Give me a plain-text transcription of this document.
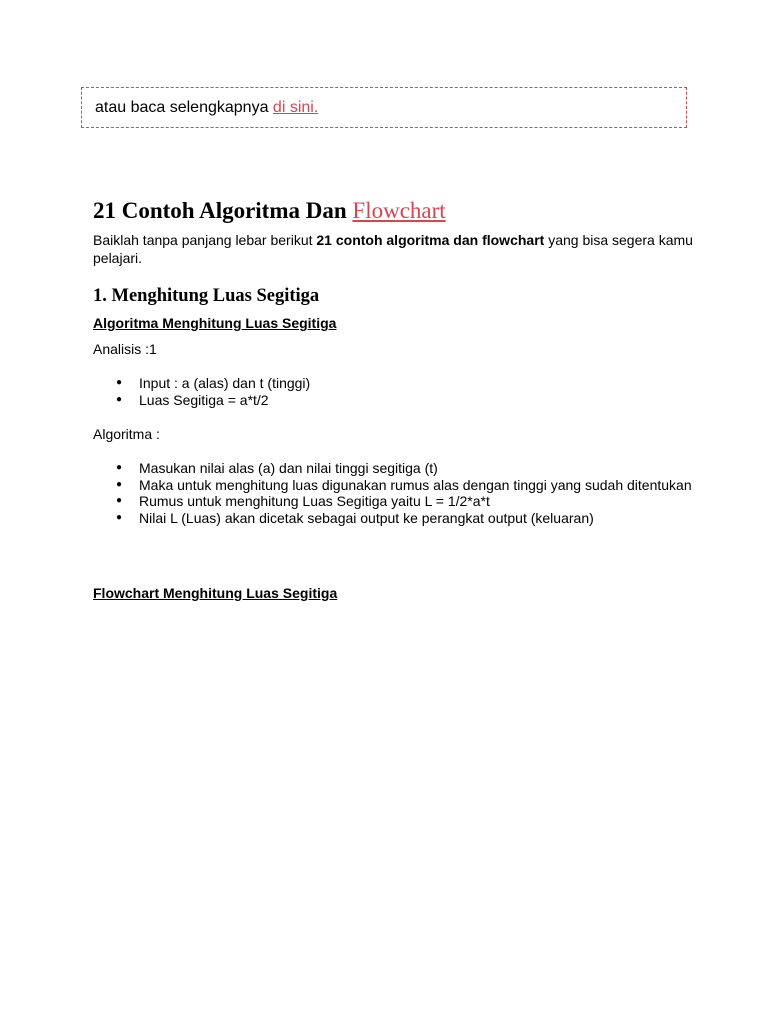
atau baca selengkapnya di sini.
21 Contoh Algoritma Dan Flowchart

Baiklah tanpa panjang lebar berikut 21 contoh algoritma dan flowchart yang bisa segera kamu pelajari.

1. Menghitung Luas Segitiga

Algoritma Menghitung Luas Segitiga

Analisis :1

● Input : a (alas) dan t (tinggi)
● Luas Segitiga = a*t/2

Algoritma :

● Masukan nilai alas (a) dan nilai tinggi segitiga (t)
● Maka untuk menghitung luas digunakan rumus alas dengan tinggi yang sudah ditentukan
● Rumus untuk menghitung Luas Segitiga yaitu L = 1/2*a*t
● Nilai L (Luas) akan dicetak sebagai output ke perangkat output (keluaran)

Flowchart Menghitung Luas Segitiga
